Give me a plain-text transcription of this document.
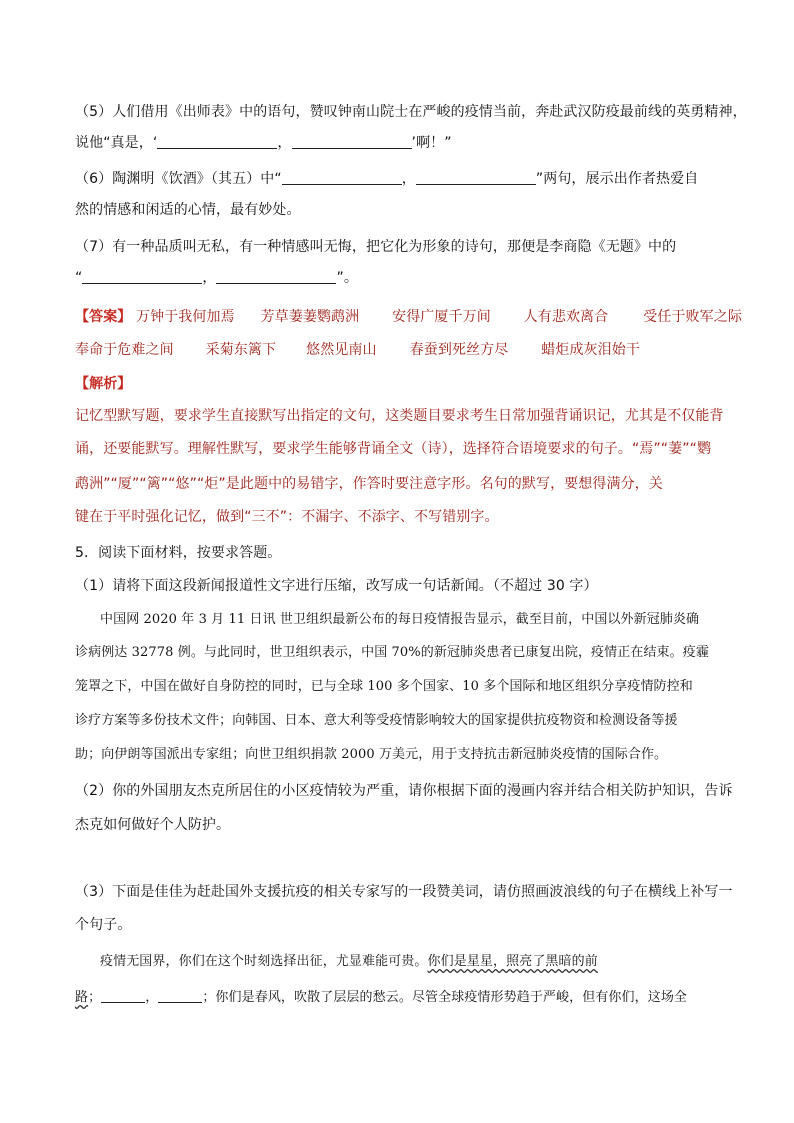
（5）人们借用《出师表》中的语句，赞叹钟南山院士在严峻的疫情当前，奔赴武汉防疫最前线的英勇精神，
说他“真是，‘	，	’啊！”
（6）陶渊明《饮酒》（其五）中“	，	”两句，展示出作者热爱自
然的情感和闲适的心情，最有妙处。
（7）有一种品质叫无私，有一种情感叫无悔，把它化为形象的诗句，那便是李商隐《无题》中的
“	，	”。
【答案】 万钟于我何加焉 芳草萋萋鹦鹉洲 安得广厦千万间 人有悲欢离合 受任于败军之际
奉命于危难之间 采菊东篱下 悠然见南山 春蚕到死丝方尽 蜡炬成灰泪始干
【解析】
记忆型默写题，要求学生直接默写出指定的文句，这类题目要求考生日常加强背诵识记，尤其是不仅能背
诵，还要能默写。理解性默写，要求学生能够背诵全文（诗），选择符合语境要求的句子。“焉”“萋”“鹦
鹉洲”“厦”“篱”“悠”“炬”是此题中的易错字，作答时要注意字形。名句的默写，要想得满分，关
键在于平时强化记忆，做到“三不”：不漏字、不添字、不写错别字。
5．阅读下面材料，按要求答题。
（1）请将下面这段新闻报道性文字进行压缩，改写成一句话新闻。（不超过 30 字）
中国网 2020 年 3 月 11 日讯 世卫组织最新公布的每日疫情报告显示，截至目前，中国以外新冠肺炎确
诊病例达 32778 例。与此同时，世卫组织表示，中国 70%的新冠肺炎患者已康复出院，疫情正在结束。疫霾
笼罩之下，中国在做好自身防控的同时，已与全球 100 多个国家、10 多个国际和地区组织分享疫情防控和
诊疗方案等多份技术文件；向韩国、日本、意大利等受疫情影响较大的国家提供抗疫物资和检测设备等援
助；向伊朗等国派出专家组；向世卫组织捐款 2000 万美元，用于支持抗击新冠肺炎疫情的国际合作。
（2）你的外国朋友杰克所居住的小区疫情较为严重，请你根据下面的漫画内容并结合相关防护知识，告诉
杰克如何做好个人防护。
（3）下面是佳佳为赶赴国外支援抗疫的相关专家写的一段赞美词，请仿照画波浪线的句子在横线上补写一
个句子。
疫情无国界，你们在这个时刻选择出征，尤显难能可贵。你们是星星，照亮了黑暗的前
路；	，	；你们是春风，吹散了层层的愁云。尽管全球疫情形势趋于严峻，但有你们，这场全
